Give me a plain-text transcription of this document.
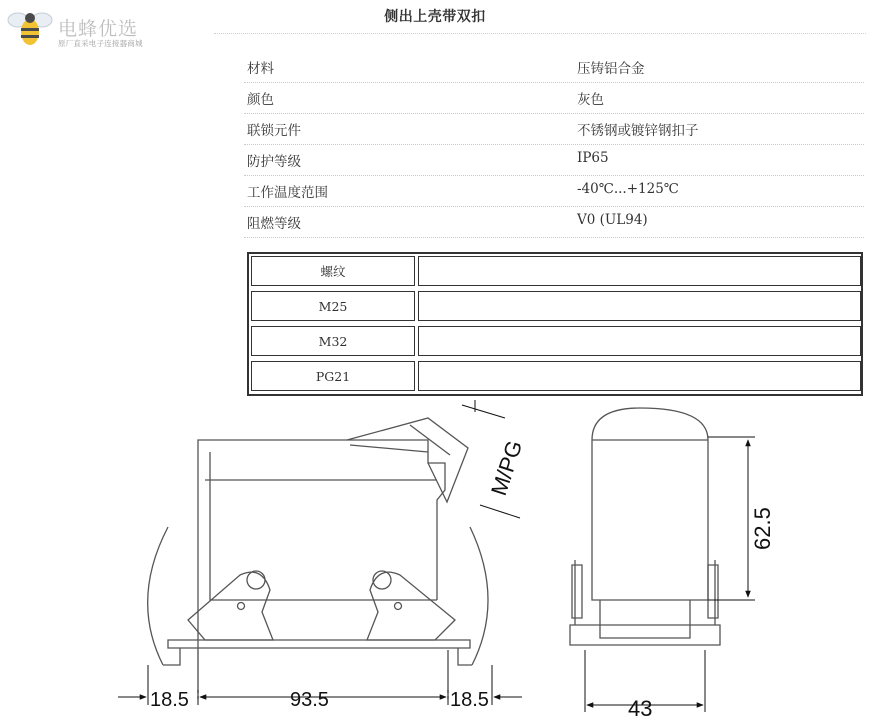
电蜂优选
原厂直采电子连接器商城
侧出上壳带双扣
材料	压铸铝合金
颜色	灰色
联锁元件	不锈钢或镀锌钢扣子
防护等级	IP65
工作温度范围	-40℃...+125℃
阻燃等级	V0 (UL94)
螺纹
M25
M32
PG21
18.5	93.5	18.5
M/PG
62.5
43
